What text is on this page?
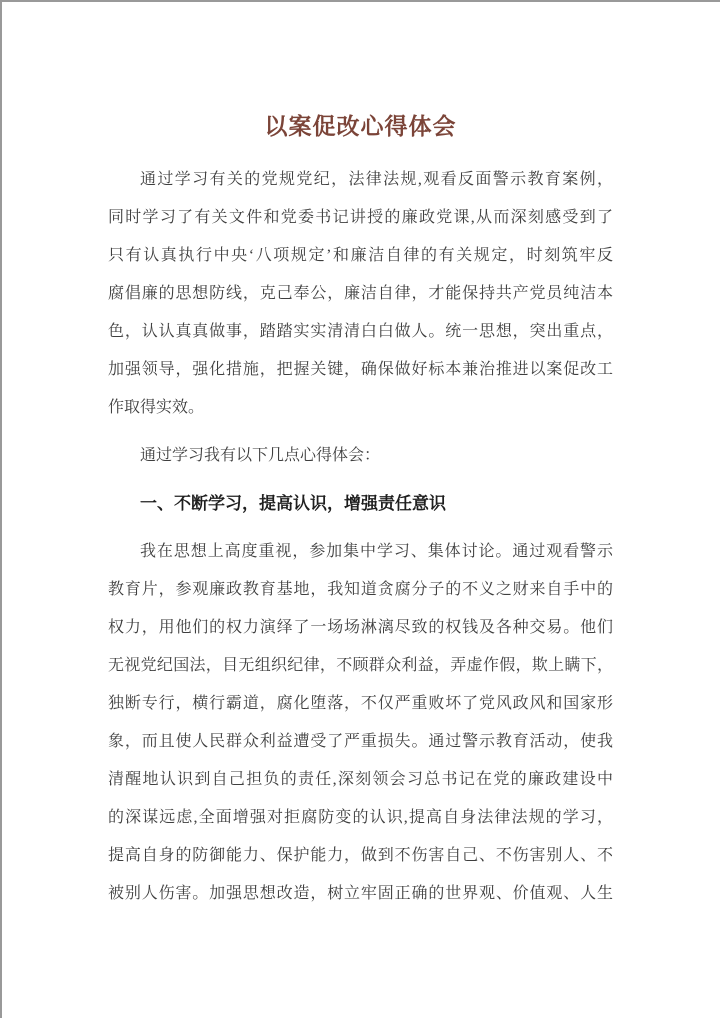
以案促改心得体会
通过学习有关的党规党纪，法律法规,观看反面警示教育案例，
同时学习了有关文件和党委书记讲授的廉政党课,从而深刻感受到了
只有认真执行中央‘八项规定’和廉洁自律的有关规定，时刻筑牢反
腐倡廉的思想防线，克己奉公，廉洁自律，才能保持共产党员纯洁本
色，认认真真做事，踏踏实实清清白白做人。统一思想，突出重点，
加强领导，强化措施，把握关键，确保做好标本兼治推进以案促改工
作取得实效。
通过学习我有以下几点心得体会：
一、不断学习，提高认识，增强责任意识
我在思想上高度重视，参加集中学习、集体讨论。通过观看警示
教育片，参观廉政教育基地，我知道贪腐分子的不义之财来自手中的
权力，用他们的权力演绎了一场场淋漓尽致的权钱及各种交易。他们
无视党纪国法，目无组织纪律，不顾群众利益，弄虚作假，欺上瞒下，
独断专行，横行霸道，腐化堕落，不仅严重败坏了党风政风和国家形
象，而且使人民群众利益遭受了严重损失。通过警示教育活动，使我
清醒地认识到自己担负的责任,深刻领会习总书记在党的廉政建设中
的深谋远虑,全面增强对拒腐防变的认识,提高自身法律法规的学习，
提高自身的防御能力、保护能力，做到不伤害自己、不伤害别人、不
被别人伤害。加强思想改造，树立牢固正确的世界观、价值观、人生
